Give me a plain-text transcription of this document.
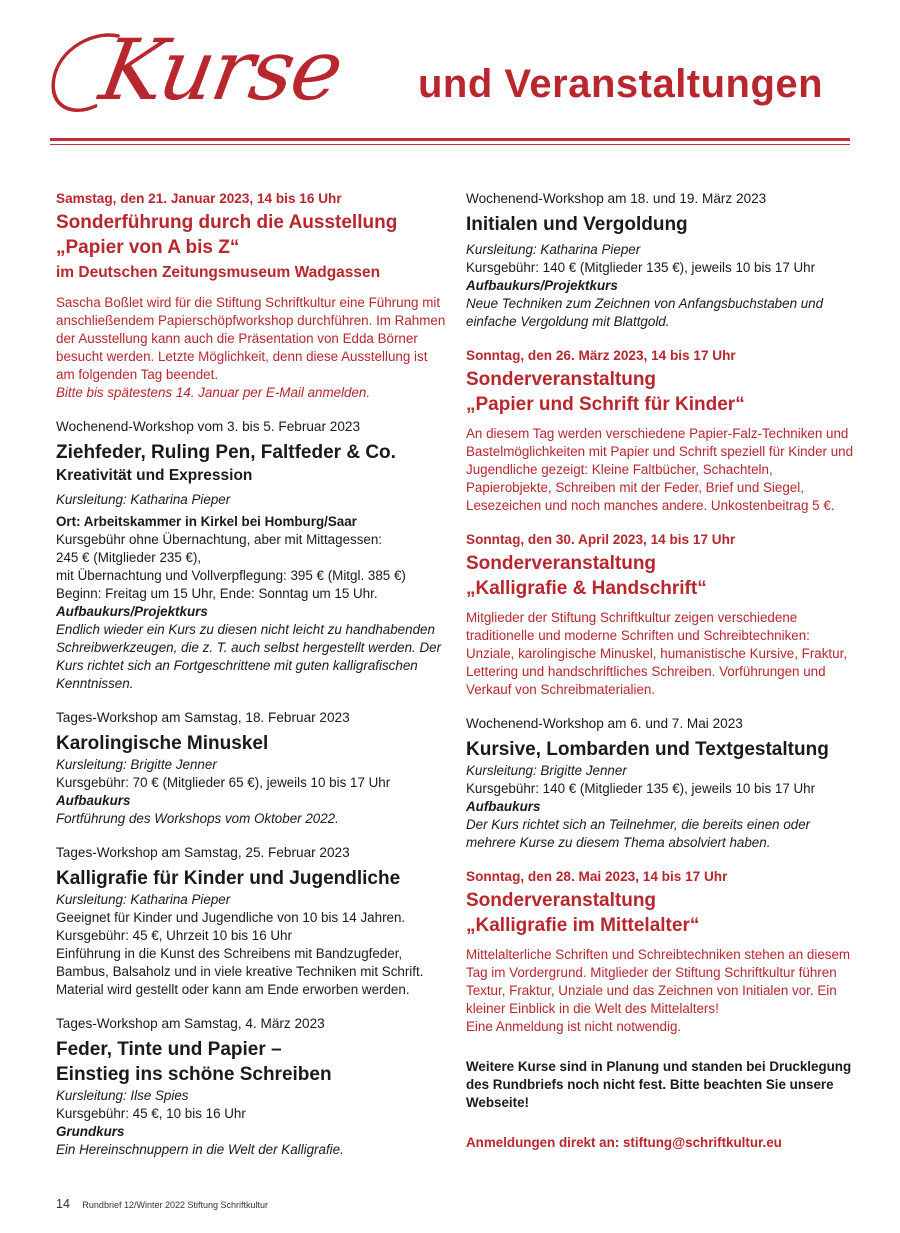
Kurse und Veranstaltungen
Samstag, den 21. Januar 2023, 14 bis 16 Uhr
Sonderführung durch die Ausstellung
„Papier von A bis Z“
im Deutschen Zeitungsmuseum Wadgassen
Sascha Boßlet wird für die Stiftung Schriftkultur eine Führung mit anschließendem Papierschöpfworkshop durchführen. Im Rahmen der Ausstellung kann auch die Präsentation von Edda Börner besucht werden. Letzte Möglichkeit, denn diese Ausstellung ist am folgenden Tag beendet.
Bitte bis spätestens 14. Januar per E-Mail anmelden.
Wochenend-Workshop vom 3. bis 5. Februar 2023
Ziehfeder, Ruling Pen, Faltfeder & Co.
Kreativität und Expression
Kursleitung: Katharina Pieper
Ort: Arbeitskammer in Kirkel bei Homburg/Saar
Kursgebühr ohne Übernachtung, aber mit Mittagessen:
245 € (Mitglieder 235 €),
mit Übernachtung und Vollverpflegung: 395 € (Mitgl. 385 €)
Beginn: Freitag um 15 Uhr, Ende: Sonntag um 15 Uhr.
Aufbaukurs/Projektkurs
Endlich wieder ein Kurs zu diesen nicht leicht zu handhabenden Schreibwerkzeugen, die z. T. auch selbst hergestellt werden. Der Kurs richtet sich an Fortgeschrittene mit guten kalligrafischen Kenntnissen.
Tages-Workshop am Samstag, 18. Februar 2023
Karolingische Minuskel
Kursleitung: Brigitte Jenner
Kursgebühr: 70 € (Mitglieder 65 €), jeweils 10 bis 17 Uhr
Aufbaukurs
Fortführung des Workshops vom Oktober 2022.
Tages-Workshop am Samstag, 25. Februar 2023
Kalligrafie für Kinder und Jugendliche
Kursleitung: Katharina Pieper
Geeignet für Kinder und Jugendliche von 10 bis 14 Jahren.
Kursgebühr: 45 €, Uhrzeit 10 bis 16 Uhr
Einführung in die Kunst des Schreibens mit Bandzugfeder, Bambus, Balsaholz und in viele kreative Techniken mit Schrift. Material wird gestellt oder kann am Ende erworben werden.
Tages-Workshop am Samstag, 4. März 2023
Feder, Tinte und Papier –
Einstieg ins schöne Schreiben
Kursleitung: Ilse Spies
Kursgebühr: 45 €, 10 bis 16 Uhr
Grundkurs
Ein Hereinschnuppern in die Welt der Kalligrafie.
Wochenend-Workshop am 18. und 19. März 2023
Initialen und Vergoldung
Kursleitung: Katharina Pieper
Kursgebühr: 140 € (Mitglieder 135 €), jeweils 10 bis 17 Uhr
Aufbaukurs/Projektkurs
Neue Techniken zum Zeichnen von Anfangsbuchstaben und einfache Vergoldung mit Blattgold.
Sonntag, den 26. März 2023, 14 bis 17 Uhr
Sonderveranstaltung
„Papier und Schrift für Kinder“
An diesem Tag werden verschiedene Papier-Falz-Techniken und Bastelmöglichkeiten mit Papier und Schrift speziell für Kinder und Jugendliche gezeigt: Kleine Faltbücher, Schachteln, Papierobjekte, Schreiben mit der Feder, Brief und Siegel, Lesezeichen und noch manches andere. Unkostenbeitrag 5 €.
Sonntag, den 30. April 2023, 14 bis 17 Uhr
Sonderveranstaltung
„Kalligrafie & Handschrift“
Mitglieder der Stiftung Schriftkultur zeigen verschiedene traditionelle und moderne Schriften und Schreibtechniken: Unziale, karolingische Minuskel, humanistische Kursive, Fraktur, Lettering und handschriftliches Schreiben. Vorführungen und Verkauf von Schreibmaterialien.
Wochenend-Workshop am 6. und 7. Mai 2023
Kursive, Lombarden und Textgestaltung
Kursleitung: Brigitte Jenner
Kursgebühr: 140 € (Mitglieder 135 €), jeweils 10 bis 17 Uhr
Aufbaukurs
Der Kurs richtet sich an Teilnehmer, die bereits einen oder mehrere Kurse zu diesem Thema absolviert haben.
Sonntag, den 28. Mai 2023, 14 bis 17 Uhr
Sonderveranstaltung
„Kalligrafie im Mittelalter“
Mittelalterliche Schriften und Schreibtechniken stehen an diesem Tag im Vordergrund. Mitglieder der Stiftung Schriftkultur führen Textur, Fraktur, Unziale und das Zeichnen von Initialen vor. Ein kleiner Einblick in die Welt des Mittelalters!
Eine Anmeldung ist nicht notwendig.
Weitere Kurse sind in Planung und standen bei Drucklegung des Rundbriefs noch nicht fest. Bitte beachten Sie unsere Webseite!
Anmeldungen direkt an: stiftung@schriftkultur.eu
14 Rundbrief 12/Winter 2022 Stiftung Schriftkultur
